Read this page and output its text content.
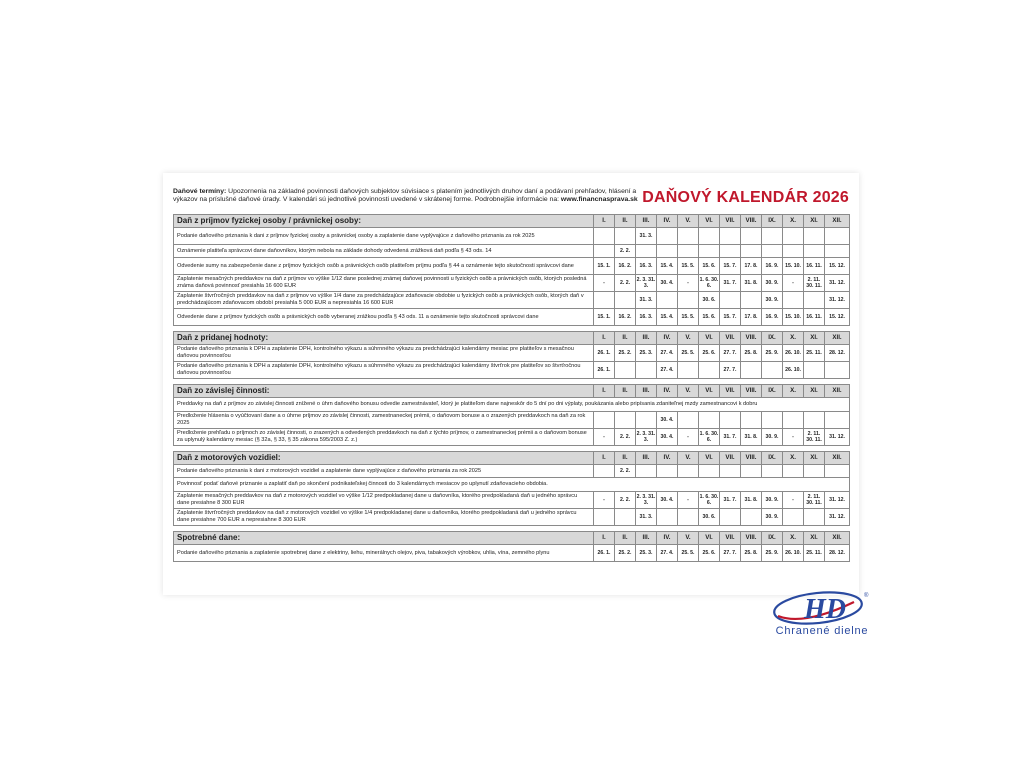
Daňové termíny: Upozornenia na základné povinnosti daňových subjektov súvisiace s platením jednotlivých druhov daní a podávaní prehľadov, hlásení a výkazov na príslušné daňové úrady. V kalendári sú jednotlivé povinnosti uvedené v skrátenej forme. Podrobnejšie informácie na: www.financnasprava.sk DAŇOVÝ KALENDÁR 2026
Daň z príjmov fyzickej osoby / právnickej osoby:	I.	II.	III.	IV.	V.	VI.	VII.	VIII.	IX.	X.	XI.	XII.
Podanie daňového priznania k dani z príjmov fyzickej osoby a právnickej osoby a zaplatenie dane vyplývajúce z daňového priznania za rok 2025			31. 3.									
Oznámenie platiteľa správcovi dane daňovníkov, ktorým nebola na základe dohody odvedená zrážková daň podľa § 43 ods. 14		2. 2.										
Odvedenie sumy na zabezpečenie dane z príjmov fyzických osôb a právnických osôb platiteľom príjmu podľa § 44 a oznámenie tejto skutočnosti správcovi dane	15. 1.	16. 2.	16. 3.	15. 4.	15. 5.	15. 6.	15. 7.	17. 8.	16. 9.	15. 10.	16. 11.	15. 12.
Zaplatenie mesačných preddavkov na daň z príjmov vo výške 1/12 dane poslednej známej daňovej povinnosti u fyzických osôb a právnických osôb, ktorých posledná známa daňová povinnosť presiahla 16 600 EUR	-	2. 2.	2. 3. 31. 3.	30. 4.	-	1. 6. 30. 6.	31. 7.	31. 8.	30. 9.	-	2. 11. 30. 11.	31. 12.
Zaplatenie štvrťročných preddavkov na daň z príjmov vo výške 1/4 dane za predchádzajúce zdaňovacie obdobie u fyzických osôb a právnických osôb, ktorých daň v predchádzajúcom zdaňovacom období presiahla 5 000 EUR a nepresiahla 16 600 EUR			31. 3.			30. 6.			30. 9.			31. 12.
Odvedenie dane z príjmov fyzických osôb a právnických osôb vyberanej zrážkou podľa § 43 ods. 11 a oznámenie tejto skutočnosti správcovi dane	15. 1.	16. 2.	16. 3.	15. 4.	15. 5.	15. 6.	15. 7.	17. 8.	16. 9.	15. 10.	16. 11.	15. 12.

Daň z pridanej hodnoty:	I.	II.	III.	IV.	V.	VI.	VII.	VIII.	IX.	X.	XI.	XII.
Podanie daňového priznania k DPH a zaplatenie DPH, kontrolného výkazu a súhrnného výkazu za predchádzajúci kalendárny mesiac pre platiteľov s mesačnou daňovou povinnosťou	26. 1.	25. 2.	25. 3.	27. 4.	25. 5.	25. 6.	27. 7.	25. 8.	25. 9.	26. 10.	25. 11.	28. 12.
Podanie daňového priznania k DPH a zaplatenie DPH, kontrolného výkazu a súhrnného výkazu za predchádzajúci kalendárny štvrťrok pre platiteľov so štvrťročnou daňovou povinnosťou	26. 1.			27. 4.			27. 7.			26. 10.		

Daň zo závislej činnosti:	I.	II.	III.	IV.	V.	VI.	VII.	VIII.	IX.	X.	XI.	XII.
Preddavky na daň z príjmov zo závislej činnosti znížené o úhrn daňového bonusu odvedie zamestnávateľ, ktorý je platiteľom dane najneskôr do 5 dní po dni výplaty, poukázania alebo pripísania zdaniteľnej mzdy zamestnancovi k dobru												
Predloženie hlásenia o vyúčtovaní dane a o úhrne príjmov zo závislej činnosti, zamestnaneckej prémii, o daňovom bonuse a o zrazených preddavkoch na daň za rok 2025				30. 4.								
Predloženie prehľadu o príjmoch zo závislej činnosti, o zrazených a odvedených preddavkoch na daň z týchto príjmov, o zamestnaneckej prémii a o daňovom bonuse za uplynulý kalendárny mesiac (§ 32a, § 33, § 35 zákona 595/2003 Z. z.)	-	2. 2.	2. 3. 31. 3.	30. 4.	-	1. 6. 30. 6.	31. 7.	31. 8.	30. 9.	-	2. 11. 30. 11.	31. 12.

Daň z motorových vozidiel:	I.	II.	III.	IV.	V.	VI.	VII.	VIII.	IX.	X.	XI.	XII.
Podanie daňového priznania k dani z motorových vozidiel a zaplatenie dane vyplývajúce z daňového priznania za rok 2025		2. 2.										
Povinnosť podať daňové priznanie a zaplatiť daň po skončení podnikateľskej činnosti do 3 kalendárnych mesiacov po uplynutí zdaňovacieho obdobia.												
Zaplatenie mesačných preddavkov na daň z motorových vozidiel vo výške 1/12 predpokladanej dane u daňovníka, ktorého predpokladaná daň u jedného správcu dane presiahne 8 300 EUR	-	2. 2.	2. 3. 31. 3.	30. 4.	-	1. 6. 30. 6.	31. 7.	31. 8.	30. 9.	-	2. 11. 30. 11.	31. 12.
Zaplatenie štvrťročných preddavkov na daň z motorových vozidiel vo výške 1/4 predpokladanej dane u daňovníka, ktorého predpokladaná daň u jedného správcu dane presiahne 700 EUR a nepresiahne 8 300 EUR			31. 3.			30. 6.			30. 9.			31. 12.

Spotrebné dane:	I.	II.	III.	IV.	V.	VI.	VII.	VIII.	IX.	X.	XI.	XII.
Podanie daňového priznania a zaplatenie spotrebnej dane z elektriny, liehu, minerálnych olejov, piva, tabakových výrobkov, uhlia, vína, zemného plynu	26. 1.	25. 2.	25. 3.	27. 4.	25. 5.	25. 6.	27. 7.	25. 8.	25. 9.	26. 10.	25. 11.	28. 12.
HD	®
Chranené dielne
